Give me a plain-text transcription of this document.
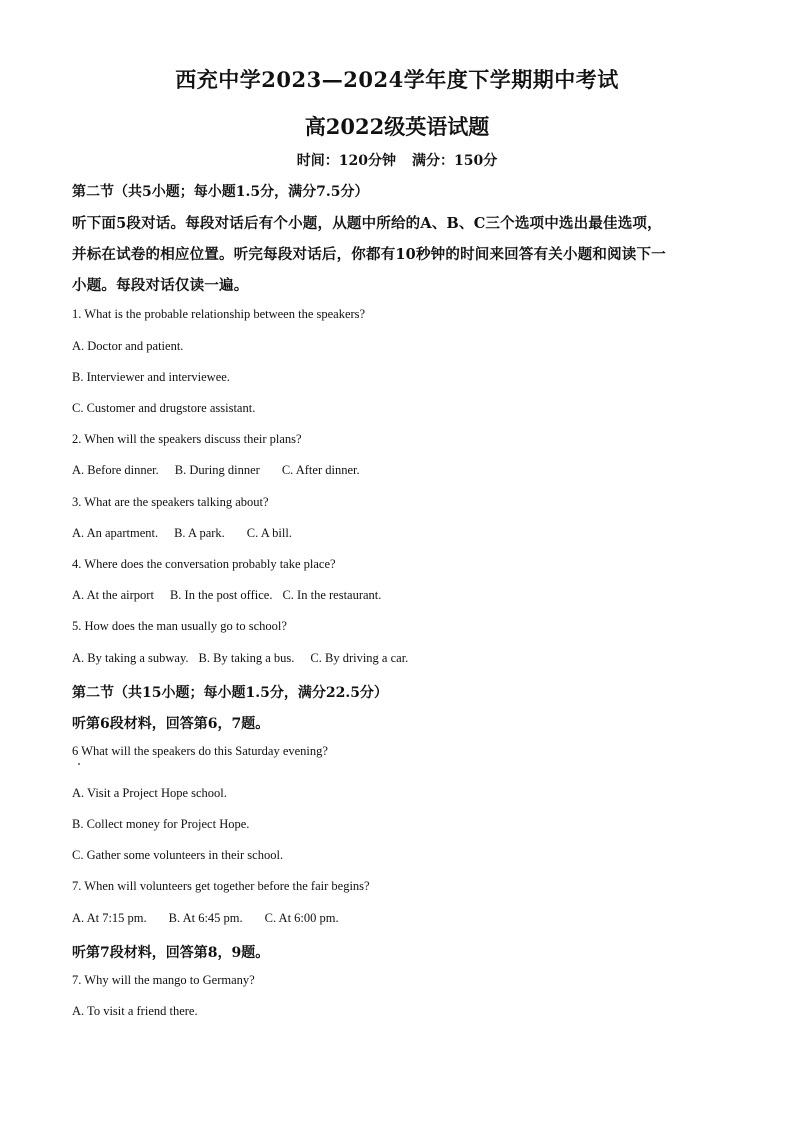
西充中学2023—2024学年度下学期期中考试
高2022级英语试题
时间：120分钟 满分：150分
第二节（共5小题；每小题1.5分，满分7.5分）
听下面5段对话。每段对话后有个小题，从题中所给的A、B、C三个选项中选出最佳选项，
并标在试卷的相应位置。听完每段对话后，你都有10秒钟的时间来回答有关小题和阅读下一
小题。每段对话仅读一遍。
1. What is the probable relationship between the speakers?
A. Doctor and patient.
B. Interviewer and interviewee.
C. Customer and drugstore assistant.
2. When will the speakers discuss their plans?
A. Before dinner. B. During dinner C. After dinner.
3. What are the speakers talking about?
A. An apartment. B. A park. C. A bill.
4. Where does the conversation probably take place?
A. At the airport B. In the post office. C. In the restaurant.
5. How does the man usually go to school?
A. By taking a subway. B. By taking a bus. C. By driving a car.
第二节（共15小题；每小题1.5分，满分22.5分）
听第6段材料，回答第6，7题。
6 What will the speakers do this Saturday evening?
A. Visit a Project Hope school.
B. Collect money for Project Hope.
C. Gather some volunteers in their school.
7. When will volunteers get together before the fair begins?
A. At 7:15 pm. B. At 6:45 pm. C. At 6:00 pm.
听第7段材料，回答第8，9题。
7. Why will the mango to Germany?
A. To visit a friend there.
